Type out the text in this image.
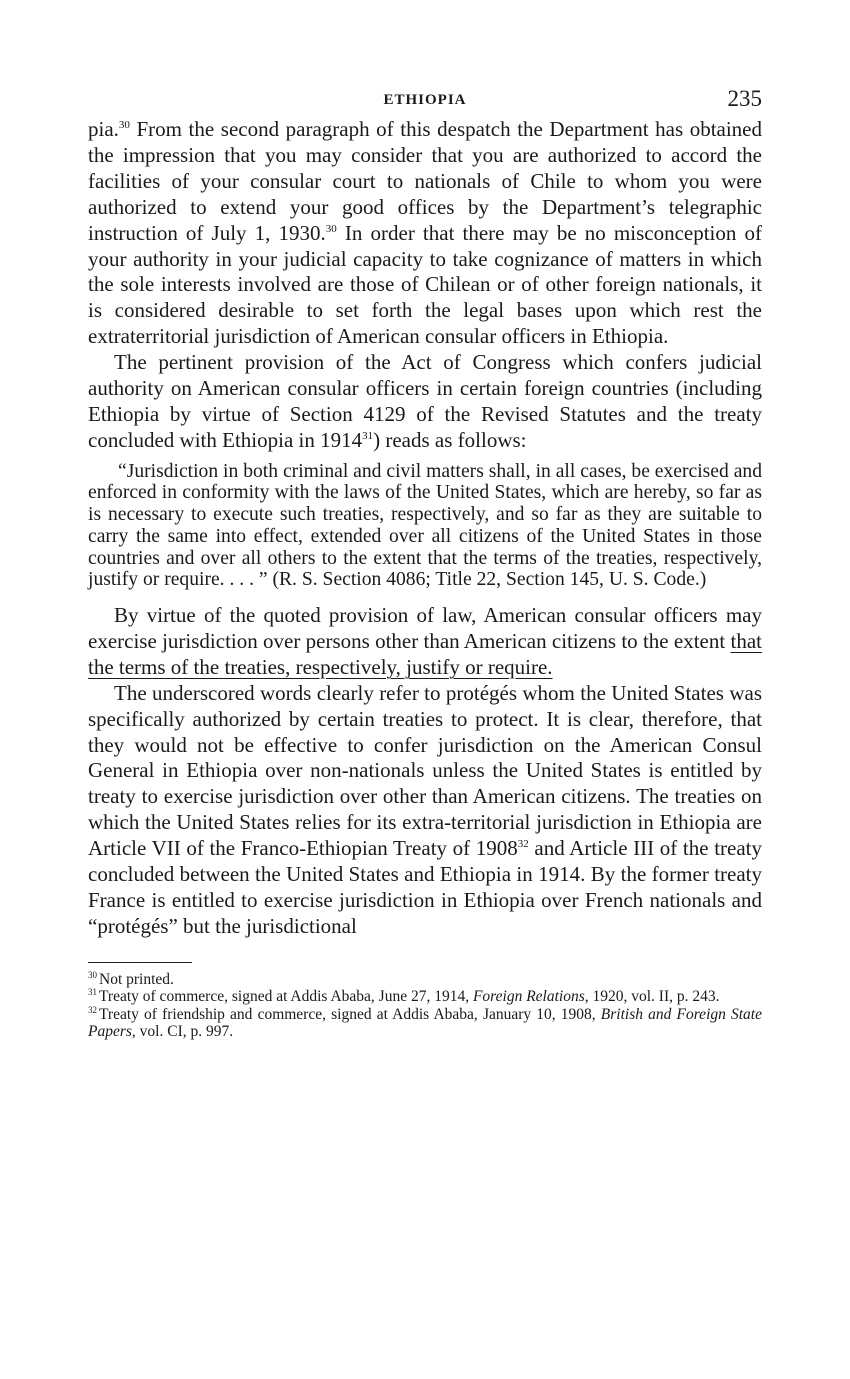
ETHIOPIA	235

pia.$^{30}$ From the second paragraph of this despatch the Department has obtained the impression that you may consider that you are authorized to accord the facilities of your consular court to nationals of Chile to whom you were authorized to extend your good offices by the Department’s telegraphic instruction of July 1, 1930.30 In order that there may be no misconception of your authority in your judicial capacity to take cognizance of matters in which the sole interests involved are those of Chilean or of other foreign nationals, it is considered desirable to set forth the legal bases upon which rest the extraterritorial jurisdiction of American consular officers in Ethiopia.

The pertinent provision of the Act of Congress which confers judicial authority on American consular officers in certain foreign countries (including Ethiopia by virtue of Section 4129 of the Revised Statutes and the treaty concluded with Ethiopia in 1914$^{31}$) reads as follows:

“Jurisdiction in both criminal and civil matters shall, in all cases, be exercised and enforced in conformity with the laws of the United States, which are hereby, so far as is necessary to execute such treaties, respectively, and so far as they are suitable to carry the same into effect, extended over all citizens of the United States in those countries and over all others to the extent that the terms of the treaties, respectively, justify or require. . . . ” (R. S. Section 4086; Title 22, Section 145, U. S. Code.)

By virtue of the quoted provision of law, American consular officers may exercise jurisdiction over persons other than American citizens to the extent that the terms of the treaties, respectively, justify or require.

The underscored words clearly refer to protégés whom the United States was specifically authorized by certain treaties to protect. It is clear, therefore, that they would not be effective to confer jurisdiction on the American Consul General in Ethiopia over non-nationals unless the United States is entitled by treaty to exercise jurisdiction over other than American citizens. The treaties on which the United States relies for its extra-territorial jurisdiction in Ethiopia are Article VII of the Franco-Ethiopian Treaty of 1908$^{32}$ and Article III of the treaty concluded between the United States and Ethiopia in 1914. By the former treaty France is entitled to exercise jurisdiction in Ethiopia over French nationals and “protégés” but the jurisdictional

$^{30}$ Not printed.

$^{31}$ Treaty of commerce, signed at Addis Ababa, June 27, 1914, Foreign Relations, 1920, vol. II, p. 243.

$^{32}$ Treaty of friendship and commerce, signed at Addis Ababa, January 10, 1908, British and Foreign State Papers, vol. CI, p. 997.
